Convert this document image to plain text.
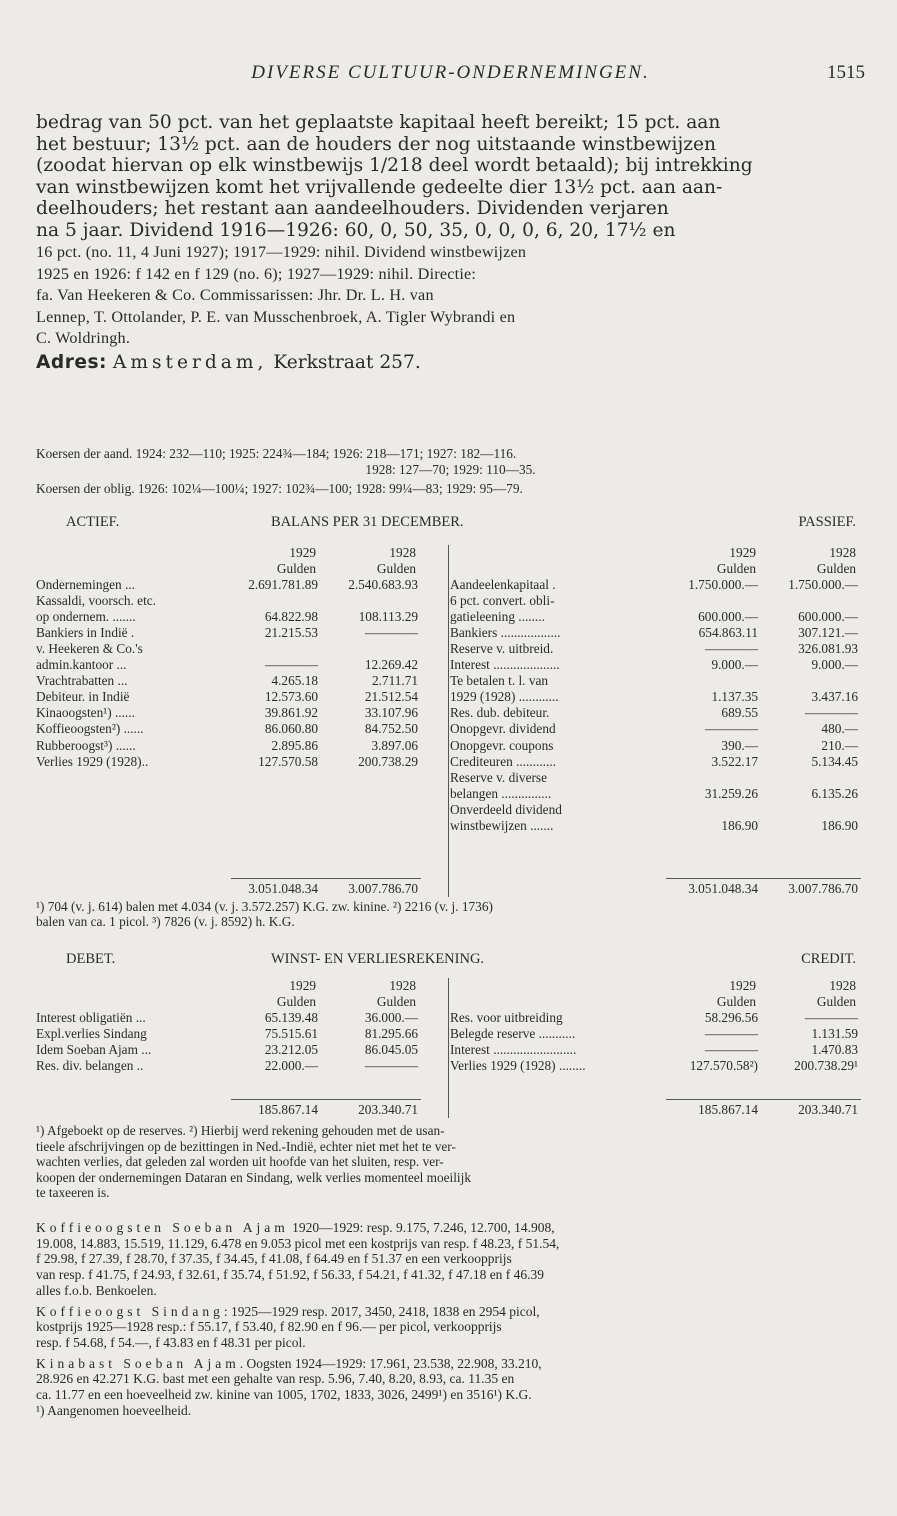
DIVERSE CULTUUR-ONDERNEMINGEN.	1515

bedrag van 50 pct. van het geplaatste kapitaal heeft bereikt; 15 pct. aan
het bestuur; 13½ pct. aan de houders der nog uitstaande winstbewijzen
(zoodat hiervan op elk winstbewijs 1/218 deel wordt betaald); bij intrekking
van winstbewijzen komt het vrijvallende gedeelte dier 13½ pct. aan aan-
deelhouders; het restant aan aandeelhouders. Dividenden verjaren
na 5 jaar. Dividend 1916—1926: 60, 0, 50, 35, 0, 0, 0, 6, 20, 17½ en

16 pct. (no. 11, 4 Juni 1927); 1917—1929: nihil. Dividend winstbewijzen
1925 en 1926: f 142 en f 129 (no. 6); 1927—1929: nihil. Directie:
fa. Van Heekeren & Co. Commissarissen: Jhr. Dr. L. H. van
Lennep, T. Ottolander, P. E. van Musschenbroek, A. Tigler Wybrandi en
C. Woldringh.

Adres: Amsterdam, Kerkstraat 257.

Koersen der aand. 1924: 232—110; 1925: 224¾—184; 1926: 218—171; 1927: 182—116.
1928: 127—70; 1929: 110—35.
Koersen der oblig. 1926: 102¼—100¼; 1927: 102¾—100; 1928: 99¼—83; 1929: 95—79.
ACTIEF.	BALANS PER 31 DECEMBER.	PASSIEF.
1929	1928	1929	1928
Gulden	Gulden	Gulden	Gulden
Ondernemingen ...	2.691.781.89	2.540.683.93
Kassaldi, voorsch. etc.
op ondernem. .......	64.822.98	108.113.29
Bankiers in Indië .	21.215.53	————
v. Heekeren & Co.'s
admin.kantoor ...	————	12.269.42
Vrachtrabatten ...	4.265.18	2.711.71
Debiteur. in Indië	12.573.60	21.512.54
Kinaoogsten¹) ......	39.861.92	33.107.96
Koffieoogsten²) ......	86.060.80	84.752.50
Rubberoogst³) ......	2.895.86	3.897.06
Verlies 1929 (1928)..	127.570.58	200.738.29
Aandeelenkapitaal .	1.750.000.—	1.750.000.—
6 pct. convert. obli-
gatieleening ........	600.000.—	600.000.—
Bankiers ..................	654.863.11	307.121.—
Reserve v. uitbreid.	————	326.081.93
Interest ....................	9.000.—	9.000.—
Te betalen t. l. van
1929 (1928) ............	1.137.35	3.437.16
Res. dub. debiteur.	689.55	————
Onopgevr. dividend	————	480.—
Onopgevr. coupons	390.—	210.—
Crediteuren ............	3.522.17	5.134.45
Reserve v. diverse
belangen ...............	31.259.26	6.135.26
Onverdeeld dividend
winstbewijzen .......	186.90	186.90
3.051.048.34	3.007.786.70	3.051.048.34	3.007.786.70
¹) 704 (v. j. 614) balen met 4.034 (v. j. 3.572.257) K.G. zw. kinine. ²) 2216 (v. j. 1736)
balen van ca. 1 picol. ³) 7826 (v. j. 8592) h. K.G.
DEBET.	WINST- EN VERLIESREKENING.	CREDIT.
1929	1928	1929	1928
Gulden	Gulden	Gulden	Gulden
Interest obligatiën ...	65.139.48	36.000.—
Expl.verlies Sindang	75.515.61	81.295.66
Idem Soeban Ajam ...	23.212.05	86.045.05
Res. div. belangen ..	22.000.—	————
Res. voor uitbreiding	58.296.56	————
Belegde reserve ...........	————	1.131.59
Interest .........................	————	1.470.83
Verlies 1929 (1928) ........	127.570.58²)	200.738.29¹
185.867.14	203.340.71	185.867.14	203.340.71
¹) Afgeboekt op de reserves. ²) Hierbij werd rekening gehouden met de usan-
tieele afschrijvingen op de bezittingen in Ned.-Indië, echter niet met het te ver-
wachten verlies, dat geleden zal worden uit hoofde van het sluiten, resp. ver-
koopen der ondernemingen Dataran en Sindang, welk verlies momenteel moeilijk
te taxeeren is.

Koffieoogsten Soeban Ajam 1920—1929: resp. 9.175, 7.246, 12.700, 14.908,
19.008, 14.883, 15.519, 11.129, 6.478 en 9.053 picol met een kostprijs van resp. f 48.23, f 51.54,
f 29.98, f 27.39, f 28.70, f 37.35, f 34.45, f 41.08, f 64.49 en f 51.37 en een verkoopprijs
van resp. f 41.75, f 24.93, f 32.61, f 35.74, f 51.92, f 56.33, f 54.21, f 41.32, f 47.18 en f 46.39
alles f.o.b. Benkoelen.

Koffieoogst Sindang: 1925—1929 resp. 2017, 3450, 2418, 1838 en 2954 picol,
kostprijs 1925—1928 resp.: f 55.17, f 53.40, f 82.90 en f 96.— per picol, verkoopprijs
resp. f 54.68, f 54.—, f 43.83 en f 48.31 per picol.

Kinabast Soeban Ajam. Oogsten 1924—1929: 17.961, 23.538, 22.908, 33.210,
28.926 en 42.271 K.G. bast met een gehalte van resp. 5.96, 7.40, 8.20, 8.93, ca. 11.35 en
ca. 11.77 en een hoeveelheid zw. kinine van 1005, 1702, 1833, 3026, 2499¹) en 3516¹) K.G.
¹) Aangenomen hoeveelheid.
